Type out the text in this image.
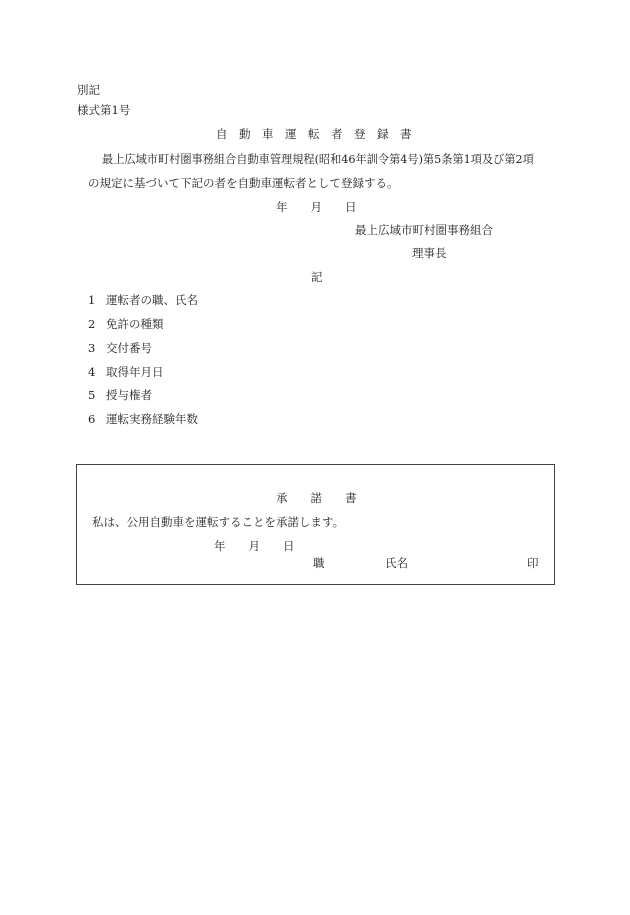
別記
様式第1号
自　動　車　運　転　者　登　録　書
最上広域市町村圏事務組合自動車管理規程(昭和46年訓令第4号)第5条第1項及び第2項
の規定に基づいて下記の者を自動車運転者として登録する。
年　　月　　日
最上広域市町村圏事務組合
理事長
記
1 運転者の職、氏名
2 免許の種類
3 交付番号
4 取得年月日
5 授与権者
6 運転実務経験年数
承　　諾　　書
私は、公用自動車を運転することを承諾します。
年　　月　　日
職	氏名	印
